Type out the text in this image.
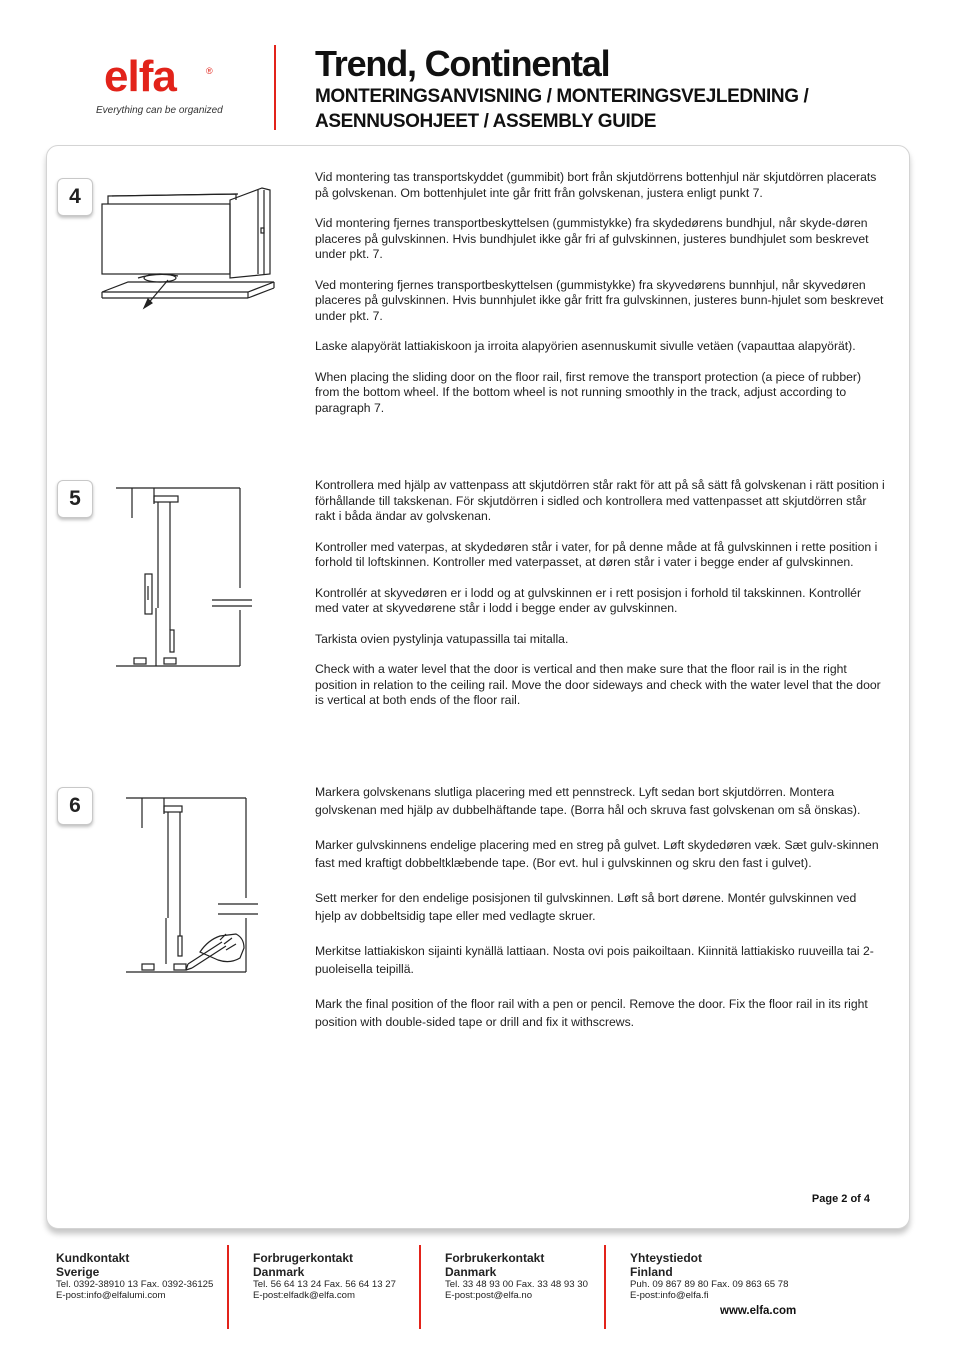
elfa	®
Everything can be organized
Trend, Continental
MONTERINGSANVISNING / MONTERINGSVEJLEDNING / ASENNUSOHJEET / ASSEMBLY GUIDE
4

Vid montering tas transportskyddet (gummibit) bort från skjutdörrens bottenhjul när skjutdörren placerats på golvskenan. Om bottenhjulet inte går fritt från golvskenan, justera enligt punkt 7.

Vid montering fjernes transportbeskyttelsen (gummistykke) fra skydedørens bundhjul, når skyde-døren placeres på gulvskinnen. Hvis bundhjulet ikke går fri af gulvskinnen, justeres bundhjulet som beskrevet under pkt. 7.

Ved montering fjernes transportbeskyttelsen (gummistykke) fra skyvedørens bunnhjul, når skyvedøren placeres på gulvskinnen. Hvis bunnhjulet ikke går fritt fra gulvskinnen, justeres bunn-hjulet som beskrevet under pkt. 7.

Laske alapyörät lattiakiskoon ja irroita alapyörien asennuskumit sivulle vetäen (vapauttaa alapyörät).

When placing the sliding door on the floor rail, first remove the transport protection (a piece of rubber) from the bottom wheel. If the bottom wheel is not running smoothly in the track, adjust according to paragraph 7.

5

Kontrollera med hjälp av vattenpass att skjutdörren står rakt för att på så sätt få golvskenan i rätt position i förhållande till takskenan. För skjutdörren i sidled och kontrollera med vattenpasset att skjutdörren står rakt i båda ändar av golvskenan.

Kontroller med vaterpas, at skydedøren står i vater, for på denne måde at få gulvskinnen i rette position i forhold til loftskinnen. Kontroller med vaterpasset, at døren står i vater i begge ender af gulvskinnen.

Kontrollér at skyvedøren er i lodd og at gulvskinnen er i rett posisjon i forhold til takskinnen. Kontrollér med vater at skyvedørene står i lodd i begge ender av gulvskinnen.

Tarkista ovien pystylinja vatupassilla tai mitalla.

Check with a water level that the door is vertical and then make sure that the floor rail is in the right position in relation to the ceiling rail. Move the door sideways and check with the water level that the door is vertical at both ends of the floor rail.

6

Markera golvskenans slutliga placering med ett pennstreck. Lyft sedan bort skjutdörren. Montera golvskenan med hjälp av dubbelhäftande tape. (Borra hål och skruva fast golvskenan om så önskas).

Marker gulvskinnens endelige placering med en streg på gulvet. Løft skydedøren væk. Sæt gulv-skinnen fast med kraftigt dobbeltklæbende tape. (Bor evt. hul i gulvskinnen og skru den fast i gulvet).

Sett merker for den endelige posisjonen til gulvskinnen. Løft så bort dørene. Montér gulvskinnen ved hjelp av dobbeltsidig tape eller med vedlagte skruer.

Merkitse lattiakiskon sijainti kynällä lattiaan. Nosta ovi pois paikoiltaan. Kiinnitä lattiakisko ruuveilla tai 2-puoleisella teipillä.

Mark the final position of the floor rail with a pen or pencil. Remove the door. Fix the floor rail in its right position with double-sided tape or drill and fix it withscrews.

Page 2 of 4
Kundkontakt
Sverige
Tel. 0392-38910 13 Fax. 0392-36125
E-post:info@elfalumi.com
Forbrugerkontakt
Danmark
Tel. 56 64 13 24 Fax. 56 64 13 27
E-post:elfadk@elfa.com
Forbrukerkontakt
Danmark
Tel. 33 48 93 00 Fax. 33 48 93 30
E-post:post@elfa.no
Yhteystiedot
Finland
Puh. 09 867 89 80 Fax. 09 863 65 78
E-post:info@elfa.fi
www.elfa.com
